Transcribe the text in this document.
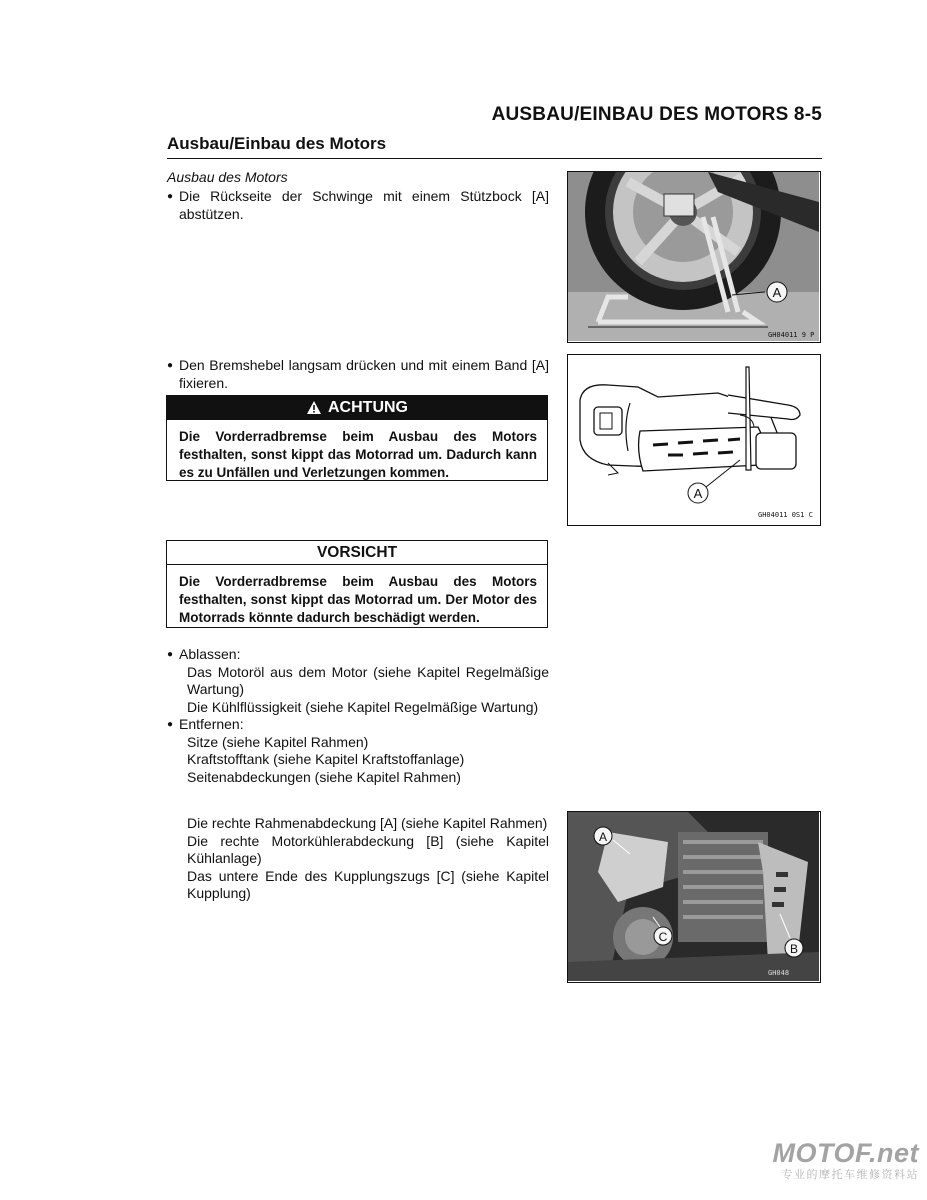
AUSBAU/EINBAU DES MOTORS 8-5
Ausbau/Einbau des Motors
Ausbau des Motors
● Die Rückseite der Schwinge mit einem Stützbock [A] abstützen.
A
GH04011 9 P
● Den Bremshebel langsam drücken und mit einem Band [A] fixieren.
ACHTUNG
Die Vorderradbremse beim Ausbau des Motors festhalten, sonst kippt das Motorrad um. Dadurch kann es zu Unfällen und Verletzungen kommen.
A
GH04011 0S1 C
VORSICHT
Die Vorderradbremse beim Ausbau des Motors festhalten, sonst kippt das Motorrad um. Der Motor des Motorrads könnte dadurch beschädigt werden.
● Ablassen:
Das Motoröl aus dem Motor (siehe Kapitel Regelmäßige Wartung)
Die Kühlflüssigkeit (siehe Kapitel Regelmäßige Wartung)
● Entfernen:
Sitze (siehe Kapitel Rahmen)
Kraftstofftank (siehe Kapitel Kraftstoffanlage)
Seitenabdeckungen (siehe Kapitel Rahmen)
Die rechte Rahmenabdeckung [A] (siehe Kapitel Rahmen)
Die rechte Motorkühlerabdeckung [B] (siehe Kapitel Kühlanlage)
Das untere Ende des Kupplungszugs [C] (siehe Kapitel Kupplung)
A
C
B
GH048
MOTOF.net
专业的摩托车维修资料站
